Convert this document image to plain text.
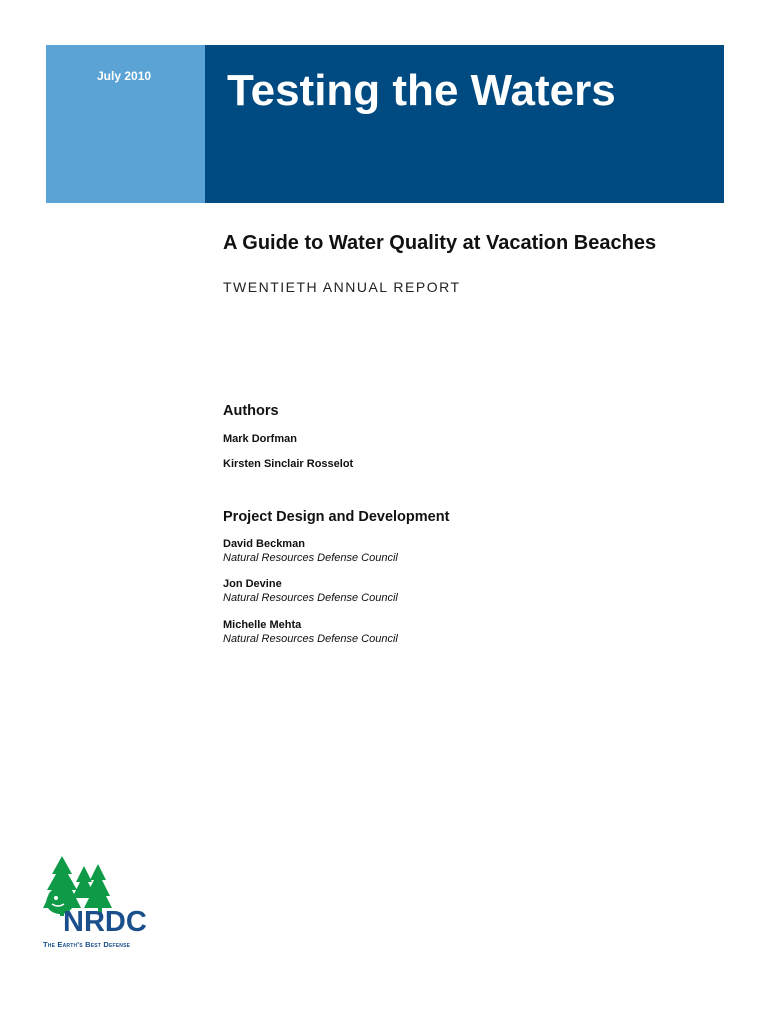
July 2010 Testing the Waters
A Guide to Water Quality at Vacation Beaches
TWENTIETH ANNUAL REPORT
Authors
Mark Dorfman
Kirsten Sinclair Rosselot
Project Design and Development
David Beckman
Natural Resources Defense Council
Jon Devine
Natural Resources Defense Council
Michelle Mehta
Natural Resources Defense Council
NRDC
The Earth's Best Defense
